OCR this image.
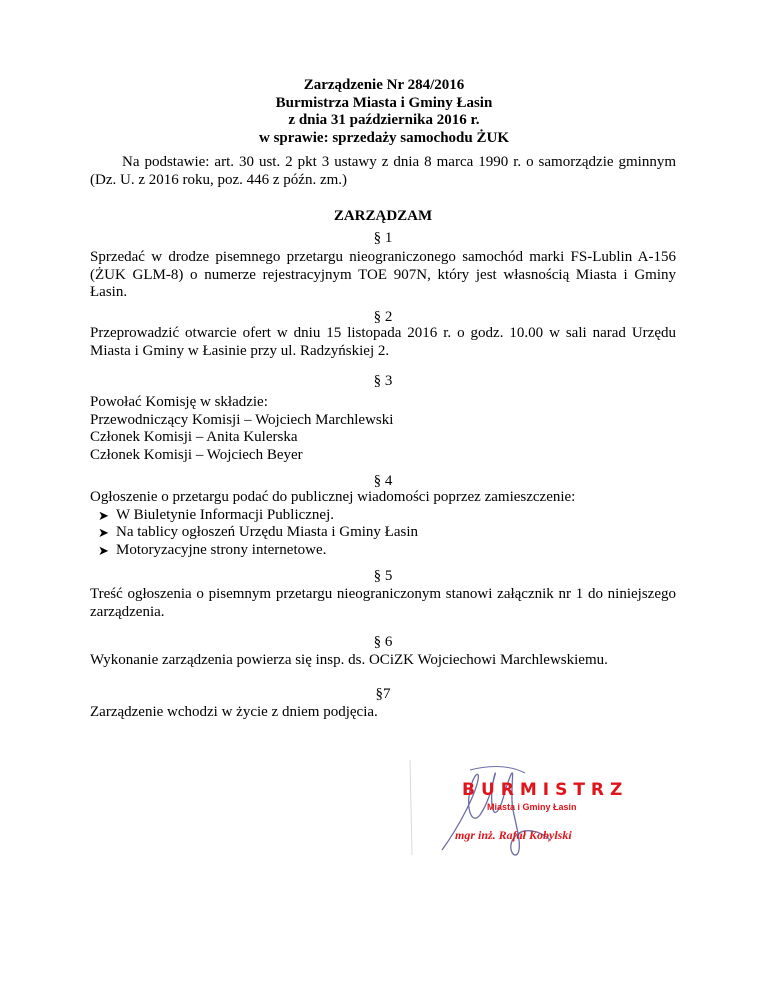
Zarządzenie Nr 284/2016
Burmistrza Miasta i Gminy Łasin
z dnia 31 października 2016 r.
w sprawie: sprzedaży samochodu ŻUK
Na podstawie: art. 30 ust. 2 pkt 3 ustawy z dnia 8 marca 1990 r. o samorządzie gminnym (Dz. U. z 2016 roku, poz. 446 z późn. zm.)
ZARZĄDZAM
§ 1
Sprzedać w drodze pisemnego przetargu nieograniczonego samochód marki FS-Lublin A-156 (ŻUK GLM-8) o numerze rejestracyjnym TOE 907N, który jest własnością Miasta i Gminy Łasin.
§ 2
Przeprowadzić otwarcie ofert w dniu 15 listopada 2016 r. o godz. 10.00 w sali narad Urzędu Miasta i Gminy w Łasinie przy ul. Radzyńskiej 2.
§ 3
Powołać Komisję w składzie:
Przewodniczący Komisji – Wojciech Marchlewski
Członek Komisji – Anita Kulerska
Członek Komisji – Wojciech Beyer
§ 4
Ogłoszenie o przetargu podać do publicznej wiadomości poprzez zamieszczenie:
➤ W Biuletynie Informacji Publicznej.
➤ Na tablicy ogłoszeń Urzędu Miasta i Gminy Łasin
➤ Motoryzacyjne strony internetowe.
§ 5
Treść ogłoszenia o pisemnym przetargu nieograniczonym stanowi załącznik nr 1 do niniejszego zarządzenia.
§ 6
Wykonanie zarządzenia powierza się insp. ds. OCiZK Wojciechowi Marchlewskiemu.
§7
Zarządzenie wchodzi w życie z dniem podjęcia.
BURMISTRZ
Miasta i Gminy Łasin
mgr inż. Rafał Kobylski
